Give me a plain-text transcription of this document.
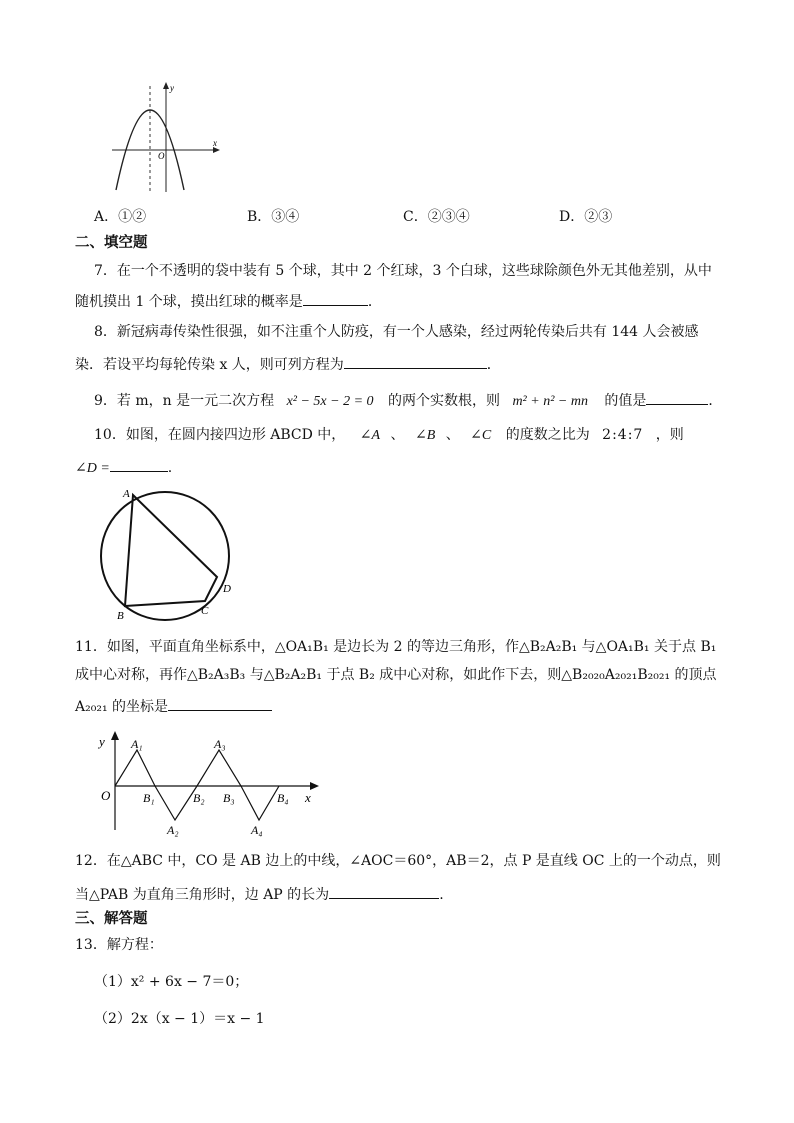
y
x
O
A．①②	B．③④	C．②③④	D．②③
二、填空题
7．在一个不透明的袋中装有 5 个球，其中 2 个红球，3 个白球，这些球除颜色外无其他差别，从中
随机摸出 1 个球，摸出红球的概率是	．
8．新冠病毒传染性很强，如不注重个人防疫，有一个人感染，经过两轮传染后共有 144 人会被感
染．若设平均每轮传染 x 人，则可列方程为	．
9．若 m，n 是一元二次方程 x² − 5x − 2 = 0 的两个实数根，则 m² + n² − mn 的值是	．
10．如图，在圆内接四边形 ABCD 中， ∠A 、 ∠B 、 ∠C 的度数之比为 2:4:7 ，则
∠D =	.
A
B	C
D
11．如图，平面直角坐标系中，△OA₁B₁ 是边长为 2 的等边三角形，作△B₂A₂B₁ 与△OA₁B₁ 关于点 B₁
成中心对称，再作△B₂A₃B₃ 与△B₂A₂B₁ 于点 B₂ 成中心对称，如此作下去，则△B₂₀₂₀A₂₀₂₁B₂₀₂₁ 的顶点
A₂₀₂₁ 的坐标是
y
x
O
A₁	A₃
B₁	B₂ B₃	B₄
A₂	A₄
12．在△ABC 中，CO 是 AB 边上的中线，∠AOC＝60°，AB＝2，点 P 是直线 OC 上的一个动点，则
当△PAB 为直角三角形时，边 AP 的长为	.
三、解答题
13．解方程：
（1）x² + 6x − 7＝0；
（2）2x（x − 1）＝x − 1
